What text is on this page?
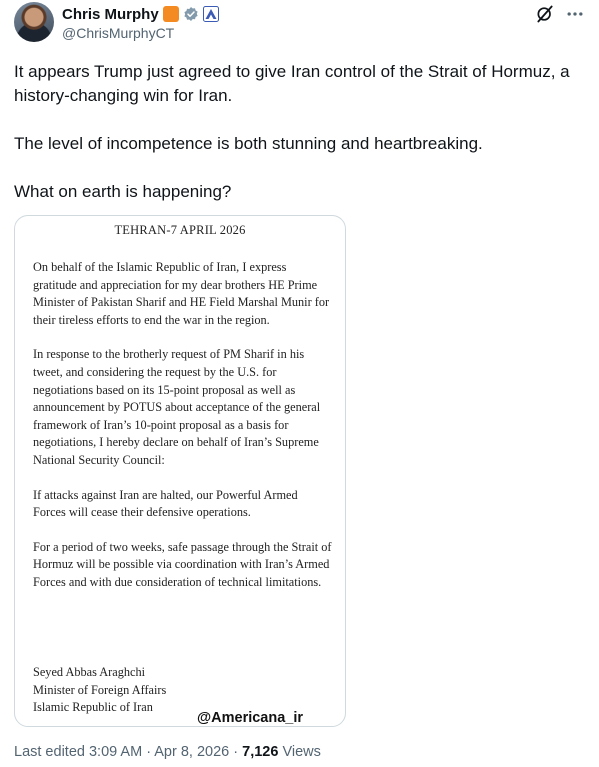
Chris Murphy
@ChrisMurphyCT

It appears Trump just agreed to give Iran control of the Strait of Hormuz, a history-changing win for Iran.

The level of incompetence is both stunning and heartbreaking.

What on earth is happening?

TEHRAN-7 APRIL 2026

On behalf of the Islamic Republic of Iran, I express gratitude and appreciation for my dear brothers HE Prime Minister of Pakistan Sharif and HE Field Marshal Munir for their tireless efforts to end the war in the region.

In response to the brotherly request of PM Sharif in his tweet, and considering the request by the U.S. for negotiations based on its 15-point proposal as well as announcement by POTUS about acceptance of the general framework of Iran’s 10-point proposal as a basis for negotiations, I hereby declare on behalf of Iran’s Supreme National Security Council:

If attacks against Iran are halted, our Powerful Armed Forces will cease their defensive operations.

For a period of two weeks, safe passage through the Strait of Hormuz will be possible via coordination with Iran’s Armed Forces and with due consideration of technical limitations.

Seyed Abbas Araghchi
Minister of Foreign Affairs
Islamic Republic of Iran
@Americana_ir
Last edited 3:09 AM · Apr 8, 2026 · 7,126 Views
